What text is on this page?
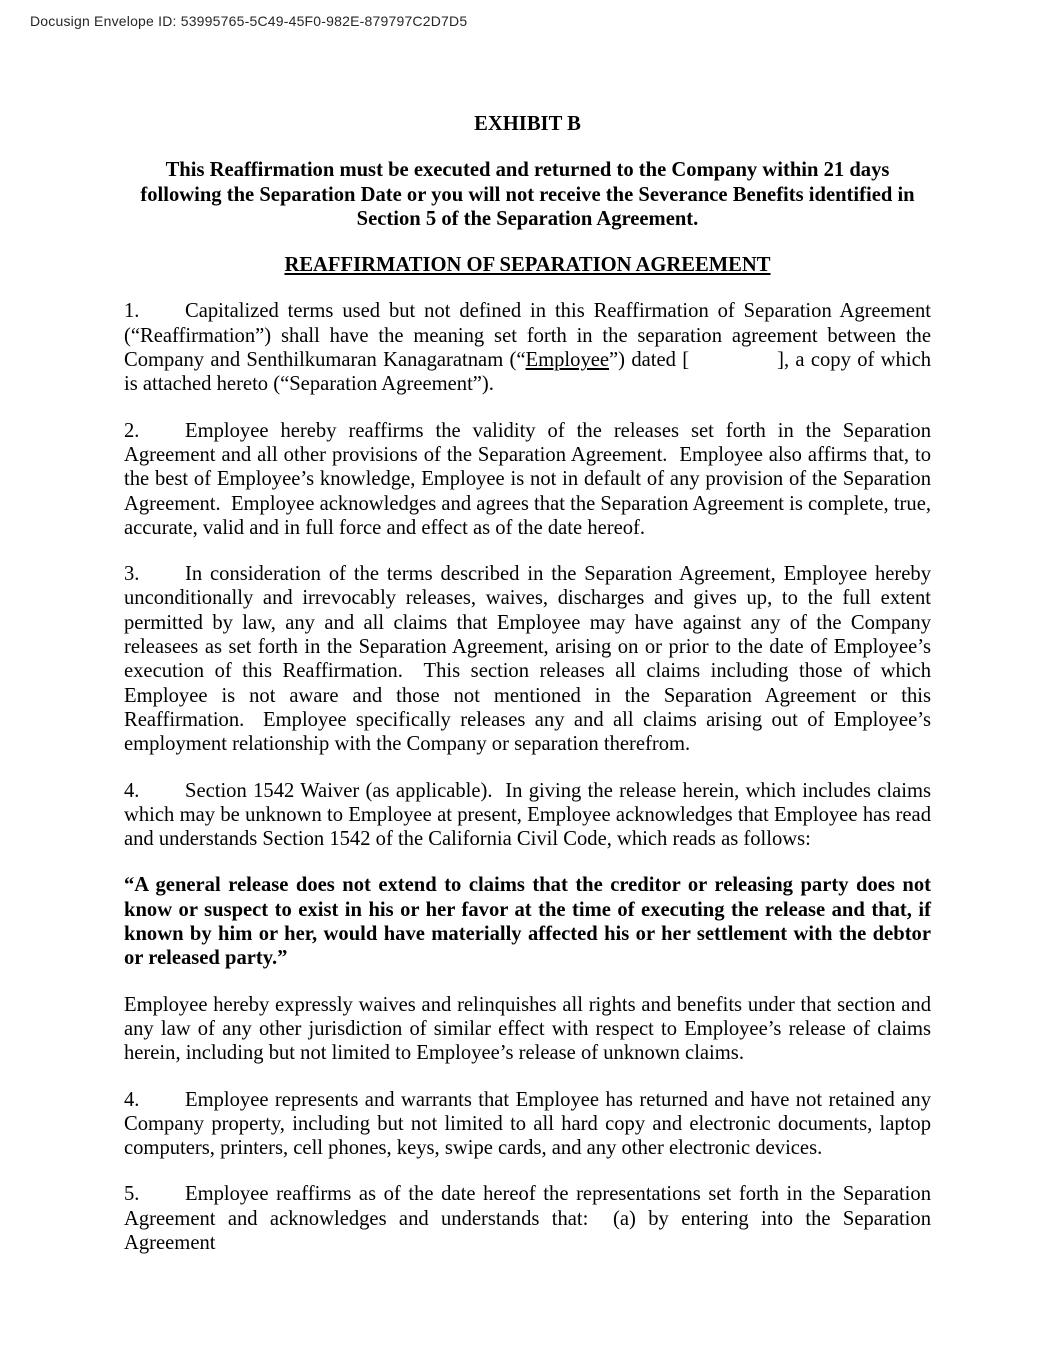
Docusign Envelope ID: 53995765-5C49-45F0-982E-879797C2D7D5
EXHIBIT B
This Reaffirmation must be executed and returned to the Company within 21 days following the Separation Date or you will not receive the Severance Benefits identified in Section 5 of the Separation Agreement.
REAFFIRMATION OF SEPARATION AGREEMENT

1. Capitalized terms used but not defined in this Reaffirmation of Separation Agreement (“Reaffirmation”) shall have the meaning set forth in the separation agreement between the Company and Senthilkumaran Kanagaratnam (“Employee”) dated [	], a copy of which is attached hereto (“Separation Agreement”).

2. Employee hereby reaffirms the validity of the releases set forth in the Separation Agreement and all other provisions of the Separation Agreement.  Employee also affirms that, to the best of Employee’s knowledge, Employee is not in default of any provision of the Separation Agreement.  Employee acknowledges and agrees that the Separation Agreement is complete, true, accurate, valid and in full force and effect as of the date hereof.

3. In consideration of the terms described in the Separation Agreement, Employee hereby unconditionally and irrevocably releases, waives, discharges and gives up, to the full extent permitted by law, any and all claims that Employee may have against any of the Company releasees as set forth in the Separation Agreement, arising on or prior to the date of Employee’s execution of this Reaffirmation.  This section releases all claims including those of which Employee is not aware and those not mentioned in the Separation Agreement or this Reaffirmation.  Employee specifically releases any and all claims arising out of Employee’s employment relationship with the Company or separation therefrom.

4. Section 1542 Waiver (as applicable).  In giving the release herein, which includes claims which may be unknown to Employee at present, Employee acknowledges that Employee has read and understands Section 1542 of the California Civil Code, which reads as follows:

“A general release does not extend to claims that the creditor or releasing party does not know or suspect to exist in his or her favor at the time of executing the release and that, if known by him or her, would have materially affected his or her settlement with the debtor or released party.”

Employee hereby expressly waives and relinquishes all rights and benefits under that section and any law of any other jurisdiction of similar effect with respect to Employee’s release of claims herein, including but not limited to Employee’s release of unknown claims.

4. Employee represents and warrants that Employee has returned and have not retained any Company property, including but not limited to all hard copy and electronic documents, laptop computers, printers, cell phones, keys, swipe cards, and any other electronic devices.

5. Employee reaffirms as of the date hereof the representations set forth in the Separation Agreement and acknowledges and understands that:  (a) by entering into the Separation Agreement
